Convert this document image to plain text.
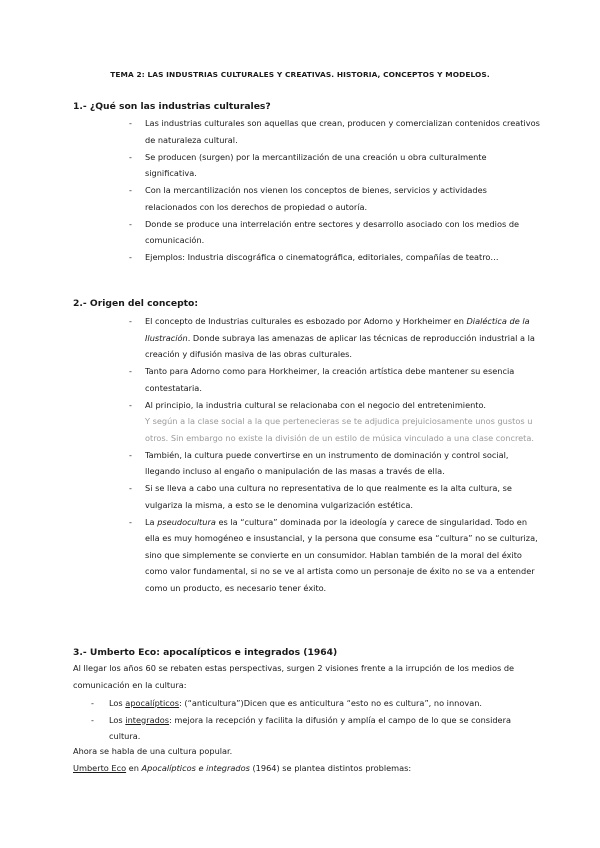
TEMA 2: LAS INDUSTRIAS CULTURALES Y CREATIVAS. HISTORIA, CONCEPTOS Y MODELOS.
1.- ¿Qué son las industrias culturales?
- Las industrias culturales son aquellas que crean, producen y comercializan contenidos creativos de naturaleza cultural.
- Se producen (surgen) por la mercantilización de una creación u obra culturalmente significativa.
- Con la mercantilización nos vienen los conceptos de bienes, servicios y actividades relacionados con los derechos de propiedad o autoría.
- Donde se produce una interrelación entre sectores y desarrollo asociado con los medios de comunicación.
- Ejemplos: Industria discográfica o cinematográfica, editoriales, compañías de teatro…
2.- Origen del concepto:
- El concepto de Industrias culturales es esbozado por Adorno y Horkheimer en Dialéctica de la Ilustración. Donde subraya las amenazas de aplicar las técnicas de reproducción industrial a la creación y difusión masiva de las obras culturales.
- Tanto para Adorno como para Horkheimer, la creación artística debe mantener su esencia contestataria.
- Al principio, la industria cultural se relacionaba con el negocio del entretenimiento.
Y según a la clase social a la que pertenecieras se te adjudica prejuiciosamente unos gustos u otros. Sin embargo no existe la división de un estilo de música vinculado a una clase concreta.
- También, la cultura puede convertirse en un instrumento de dominación y control social, llegando incluso al engaño o manipulación de las masas a través de ella.
- Si se lleva a cabo una cultura no representativa de lo que realmente es la alta cultura, se vulgariza la misma, a esto se le denomina vulgarización estética.
- La pseudocultura es la “cultura” dominada por la ideología y carece de singularidad. Todo en ella es muy homogéneo e insustancial, y la persona que consume esa “cultura” no se culturiza, sino que simplemente se convierte en un consumidor. Hablan también de la moral del éxito como valor fundamental, si no se ve al artista como un personaje de éxito no se va a entender como un producto, es necesario tener éxito.
3.- Umberto Eco: apocalípticos e integrados (1964)
Al llegar los años 60 se rebaten estas perspectivas, surgen 2 visiones frente a la irrupción de los medios de comunicación en la cultura:
- Los apocalípticos: (“anticultura”)Dicen que es anticultura “esto no es cultura”, no innovan.
- Los integrados: mejora la recepción y facilita la difusión y amplía el campo de lo que se considera cultura.
Ahora se habla de una cultura popular.
Umberto Eco en Apocalípticos e integrados (1964) se plantea distintos problemas:
